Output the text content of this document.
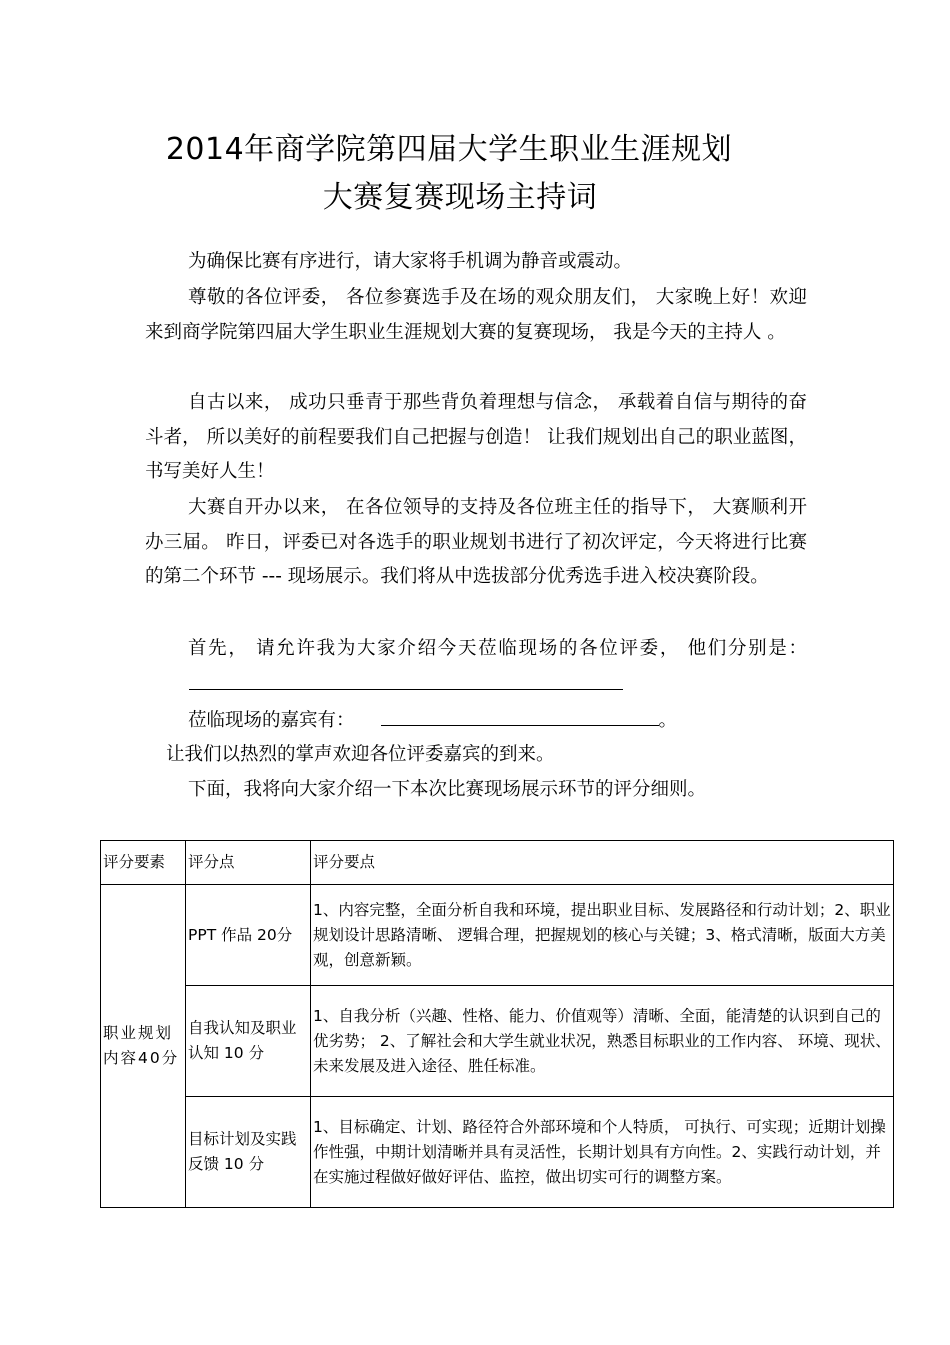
2014年商学院第四届大学生职业生涯规划
大赛复赛现场主持词

为确保比赛有序进行，请大家将手机调为静音或震动。

尊敬的各位评委， 各位参赛选手及在场的观众朋友们， 大家晚上好！欢迎来到商学院第四届大学生职业生涯规划大赛的复赛现场， 我是今天的主持人 。

自古以来， 成功只垂青于那些背负着理想与信念， 承载着自信与期待的奋斗者， 所以美好的前程要我们自己把握与创造！ 让我们规划出自己的职业蓝图，书写美好人生！

大赛自开办以来， 在各位领导的支持及各位班主任的指导下， 大赛顺利开办三届。 昨日，评委已对各选手的职业规划书进行了初次评定，今天将进行比赛的第二个环节 --- 现场展示。我们将从中选拔部分优秀选手进入校决赛阶段。

首先， 请允许我为大家介绍今天莅临现场的各位评委， 他们分别是：

莅临现场的嘉宾有：	。

让我们以热烈的掌声欢迎各位评委嘉宾的到来。

下面，我将向大家介绍一下本次比赛现场展示环节的评分细则。

评分要素	评分点	评分要点
职业规划内容40分	PPT 作品 20分	1、内容完整，全面分析自我和环境，提出职业目标、发展路径和行动计划；2、职业规划设计思路清晰、 逻辑合理，把握规划的核心与关键；3、格式清晰，版面大方美观，创意新颖。
	自我认知及职业认知 10 分	1、自我分析（兴趣、性格、能力、价值观等）清晰、全面，能清楚的认识到自己的优劣势； 2、了解社会和大学生就业状况，熟悉目标职业的工作内容、 环境、现状、未来发展及进入途径、胜任标准。
	目标计划及实践反馈 10 分	1、目标确定、计划、路径符合外部环境和个人特质， 可执行、可实现；近期计划操作性强，中期计划清晰并具有灵活性，长期计划具有方向性。2、实践行动计划，并在实施过程做好做好评估、监控，做出切实可行的调整方案。
